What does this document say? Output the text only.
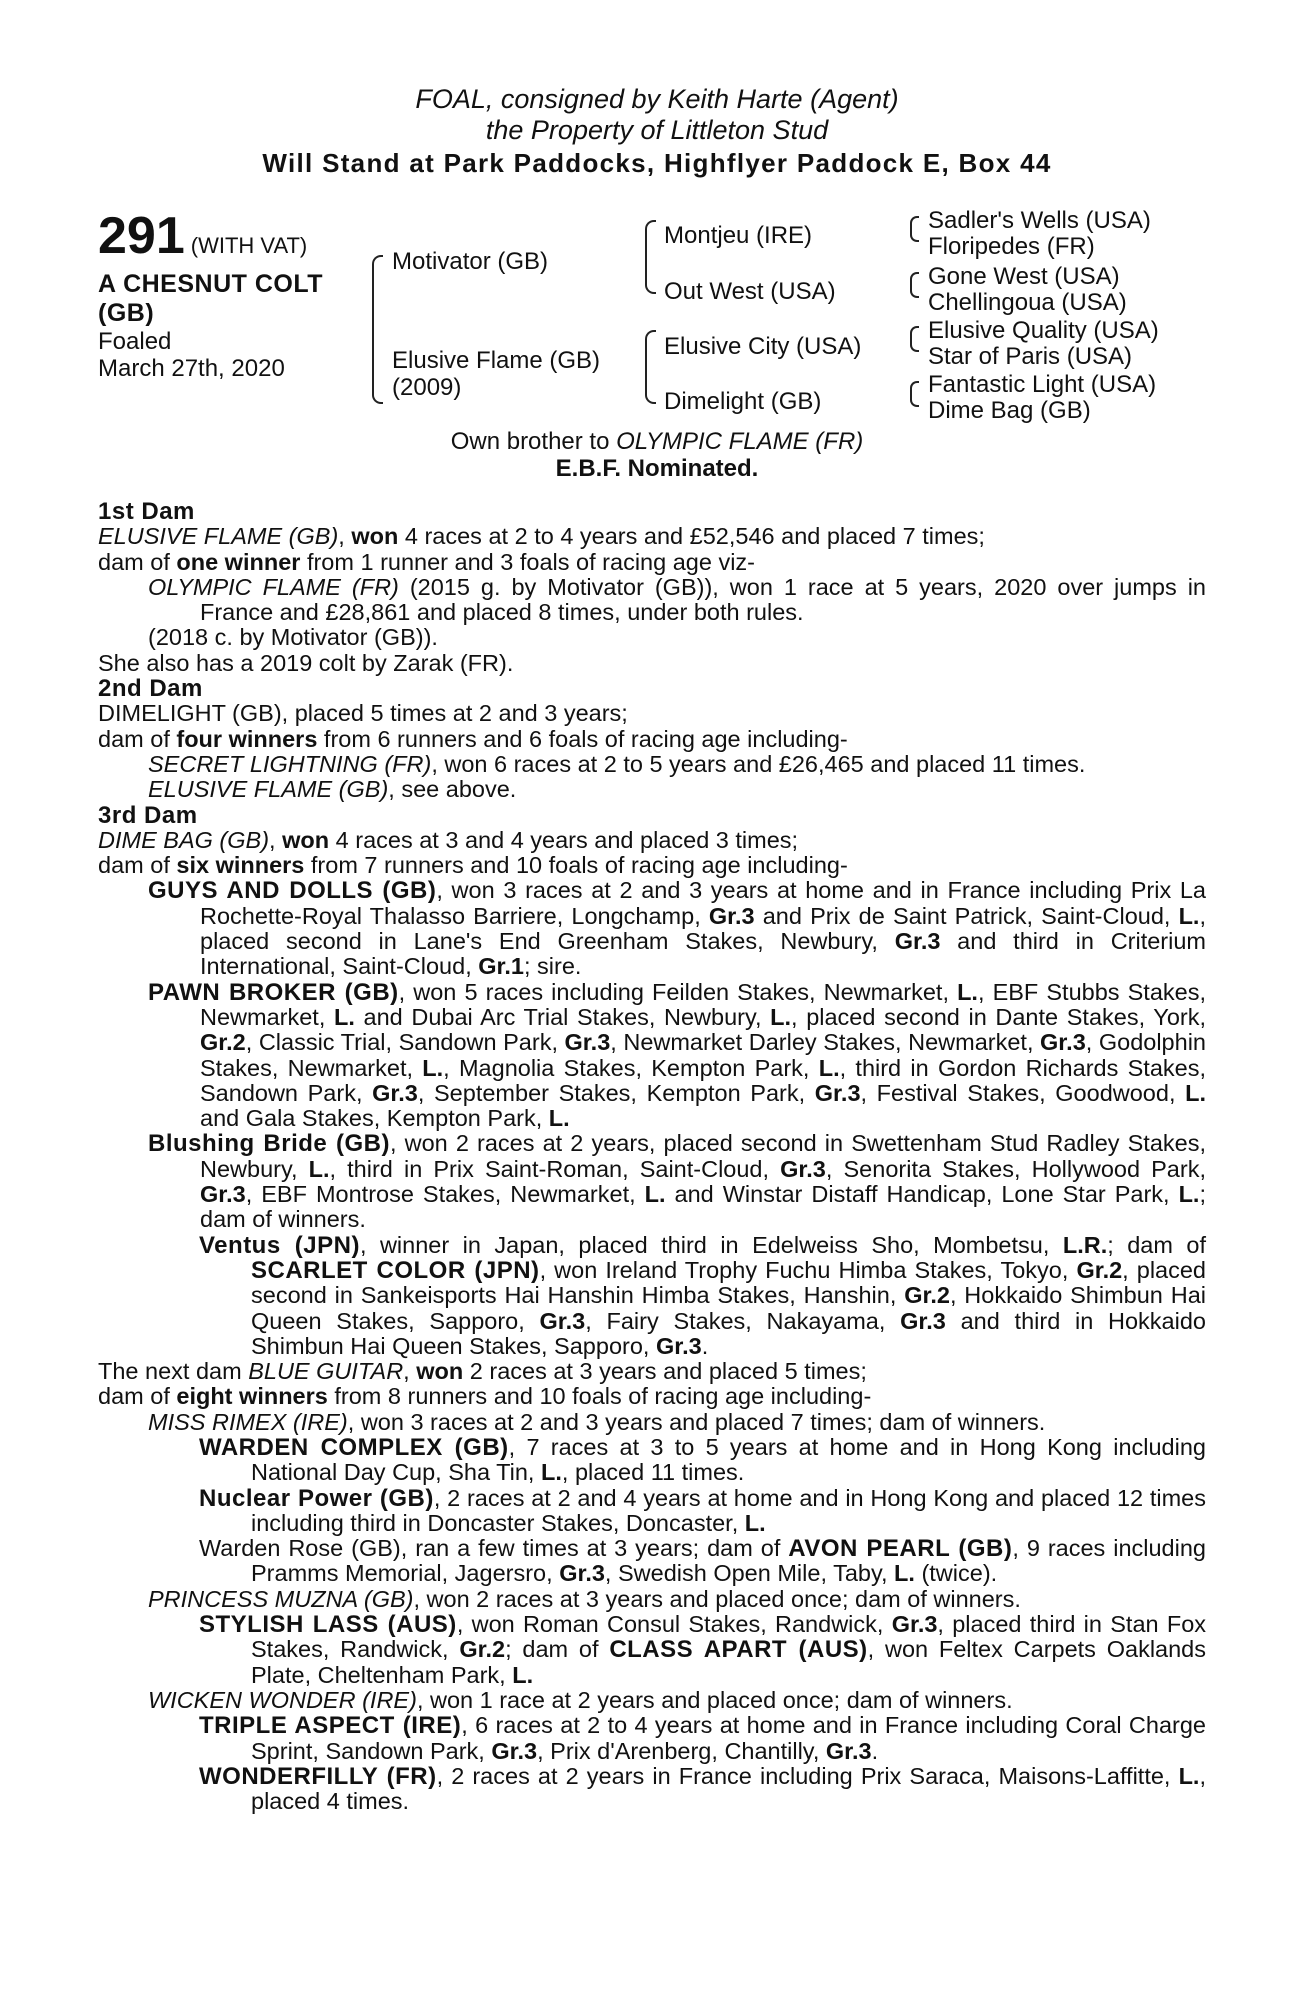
FOAL, consigned by Keith Harte (Agent)
the Property of Littleton Stud
Will Stand at Park Paddocks, Highflyer Paddock E, Box 44
291 (WITH VAT)
A CHESNUT COLT
(GB)
Foaled
March 27th, 2020
Motivator (GB)
Elusive Flame (GB)
(2009)
Montjeu (IRE)
Out West (USA)
Elusive City (USA)
Dimelight (GB)
Sadler's Wells (USA)
Floripedes (FR)
Gone West (USA)
Chellingoua (USA)
Elusive Quality (USA)
Star of Paris (USA)
Fantastic Light (USA)
Dime Bag (GB)
Own brother to OLYMPIC FLAME (FR)
E.B.F. Nominated.

1st Dam

ELUSIVE FLAME (GB), won 4 races at 2 to 4 years and £52,546 and placed 7 times;

dam of one winner from 1 runner and 3 foals of racing age viz-

OLYMPIC FLAME (FR) (2015 g. by Motivator (GB)), won 1 race at 5 years, 2020 over jumps in France and £28,861 and placed 8 times, under both rules.

(2018 c. by Motivator (GB)).

She also has a 2019 colt by Zarak (FR).

2nd Dam

DIMELIGHT (GB), placed 5 times at 2 and 3 years;

dam of four winners from 6 runners and 6 foals of racing age including-

SECRET LIGHTNING (FR), won 6 races at 2 to 5 years and £26,465 and placed 11 times.

ELUSIVE FLAME (GB), see above.

3rd Dam

DIME BAG (GB), won 4 races at 3 and 4 years and placed 3 times;

dam of six winners from 7 runners and 10 foals of racing age including-

GUYS AND DOLLS (GB), won 3 races at 2 and 3 years at home and in France including Prix La Rochette-Royal Thalasso Barriere, Longchamp, Gr.3 and Prix de Saint Patrick, Saint-Cloud, L., placed second in Lane's End Greenham Stakes, Newbury, Gr.3 and third in Criterium International, Saint-Cloud, Gr.1; sire.

PAWN BROKER (GB), won 5 races including Feilden Stakes, Newmarket, L., EBF Stubbs Stakes, Newmarket, L. and Dubai Arc Trial Stakes, Newbury, L., placed second in Dante Stakes, York, Gr.2, Classic Trial, Sandown Park, Gr.3, Newmarket Darley Stakes, Newmarket, Gr.3, Godolphin Stakes, Newmarket, L., Magnolia Stakes, Kempton Park, L., third in Gordon Richards Stakes, Sandown Park, Gr.3, September Stakes, Kempton Park, Gr.3, Festival Stakes, Goodwood, L. and Gala Stakes, Kempton Park, L.

Blushing Bride (GB), won 2 races at 2 years, placed second in Swettenham Stud Radley Stakes, Newbury, L., third in Prix Saint-Roman, Saint-Cloud, Gr.3, Senorita Stakes, Hollywood Park, Gr.3, EBF Montrose Stakes, Newmarket, L. and Winstar Distaff Handicap, Lone Star Park, L.; dam of winners.

Ventus (JPN), winner in Japan, placed third in Edelweiss Sho, Mombetsu, L.R.; dam of SCARLET COLOR (JPN), won Ireland Trophy Fuchu Himba Stakes, Tokyo, Gr.2, placed second in Sankeisports Hai Hanshin Himba Stakes, Hanshin, Gr.2, Hokkaido Shimbun Hai Queen Stakes, Sapporo, Gr.3, Fairy Stakes, Nakayama, Gr.3 and third in Hokkaido Shimbun Hai Queen Stakes, Sapporo, Gr.3.

The next dam BLUE GUITAR, won 2 races at 3 years and placed 5 times;

dam of eight winners from 8 runners and 10 foals of racing age including-

MISS RIMEX (IRE), won 3 races at 2 and 3 years and placed 7 times; dam of winners.

WARDEN COMPLEX (GB), 7 races at 3 to 5 years at home and in Hong Kong including National Day Cup, Sha Tin, L., placed 11 times.

Nuclear Power (GB), 2 races at 2 and 4 years at home and in Hong Kong and placed 12 times including third in Doncaster Stakes, Doncaster, L.

Warden Rose (GB), ran a few times at 3 years; dam of AVON PEARL (GB), 9 races including Pramms Memorial, Jagersro, Gr.3, Swedish Open Mile, Taby, L. (twice).

PRINCESS MUZNA (GB), won 2 races at 3 years and placed once; dam of winners.

STYLISH LASS (AUS), won Roman Consul Stakes, Randwick, Gr.3, placed third in Stan Fox Stakes, Randwick, Gr.2; dam of CLASS APART (AUS), won Feltex Carpets Oaklands Plate, Cheltenham Park, L.

WICKEN WONDER (IRE), won 1 race at 2 years and placed once; dam of winners.

TRIPLE ASPECT (IRE), 6 races at 2 to 4 years at home and in France including Coral Charge Sprint, Sandown Park, Gr.3, Prix d'Arenberg, Chantilly, Gr.3.

WONDERFILLY (FR), 2 races at 2 years in France including Prix Saraca, Maisons-Laffitte, L., placed 4 times.
